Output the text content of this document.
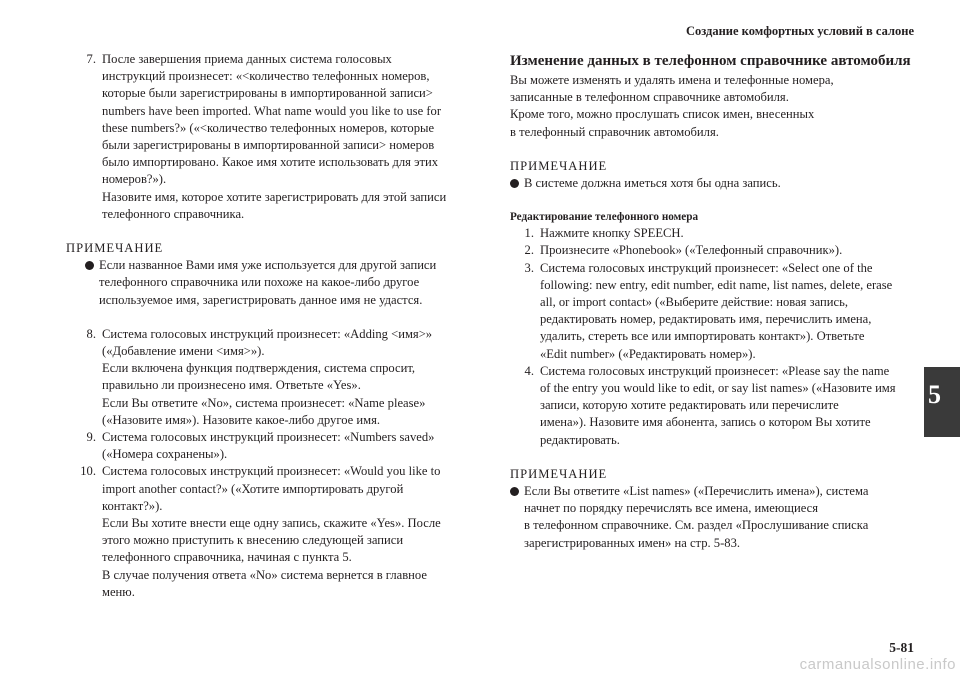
Создание комфортных условий в салоне
5
7. После завершения приема данных система голосовых
инструкций произнесет: «<количество телефонных номеров,
которые были зарегистрированы в импортированной записи>
numbers have been imported. What name would you like to use for
these numbers?» («<количество телефонных номеров, которые
были зарегистрированы в импортированной записи> номеров
было импортировано. Какое имя хотите использовать для этих
номеров?»).
Назовите имя, которое хотите зарегистрировать для этой записи
телефонного справочника.
ПРИМЕЧАНИЕ
Если названное Вами имя уже используется для другой записи телефонного справочника или похоже на какое-либо другое используемое имя, зарегистрировать данное имя не удастся.
8. Система голосовых инструкций произнесет: «Adding <имя>»
(«Добавление имени <имя>»).
Если включена функция подтверждения, система спросит,
правильно ли произнесено имя. Ответьте «Yes».
Если Вы ответите «No», система произнесет: «Name please»
(«Назовите имя»). Назовите какое-либо другое имя.
9. Система голосовых инструкций произнесет: «Numbers saved»
(«Номера сохранены»).
10. Система голосовых инструкций произнесет: «Would you like to
import another contact?» («Хотите импортировать другой
контакт?»).
Если Вы хотите внести еще одну запись, скажите «Yes». После
этого можно приступить к внесению следующей записи
телефонного справочника, начиная с пункта 5.
В случае получения ответа «No» система вернется в главное
меню.
Изменение данных в телефонном справочнике автомобиля
Вы можете изменять и удалять имена и телефонные номера,
записанные в телефонном справочнике автомобиля.
Кроме того, можно прослушать список имен, внесенных
в телефонный справочник автомобиля.
ПРИМЕЧАНИЕ
В системе должна иметься хотя бы одна запись.
Редактирование телефонного номера
1. Нажмите кнопку SPEECH.
2. Произнесите «Phonebook» («Телефонный справочник»).
3. Система голосовых инструкций произнесет: «Select one of the
following: new entry, edit number, edit name, list names, delete, erase
all, or import contact» («Выберите действие: новая запись,
редактировать номер, редактировать имя, перечислить имена,
удалить, стереть все или импортировать контакт»). Ответьте
«Edit number» («Редактировать номер»).
4. Система голосовых инструкций произнесет: «Please say the name
of the entry you would like to edit, or say list names» («Назовите имя
записи, которую хотите редактировать или перечислите
имена»). Назовите имя абонента, запись о котором Вы хотите
редактировать.
ПРИМЕЧАНИЕ
Если Вы ответите «List names» («Перечислить имена»), система
начнет по порядку перечислять все имена, имеющиеся
в телефонном справочнике. См. раздел «Прослушивание списка
зарегистрированных имен» на стр. 5-83.
5-81
carmanualsonline.info
